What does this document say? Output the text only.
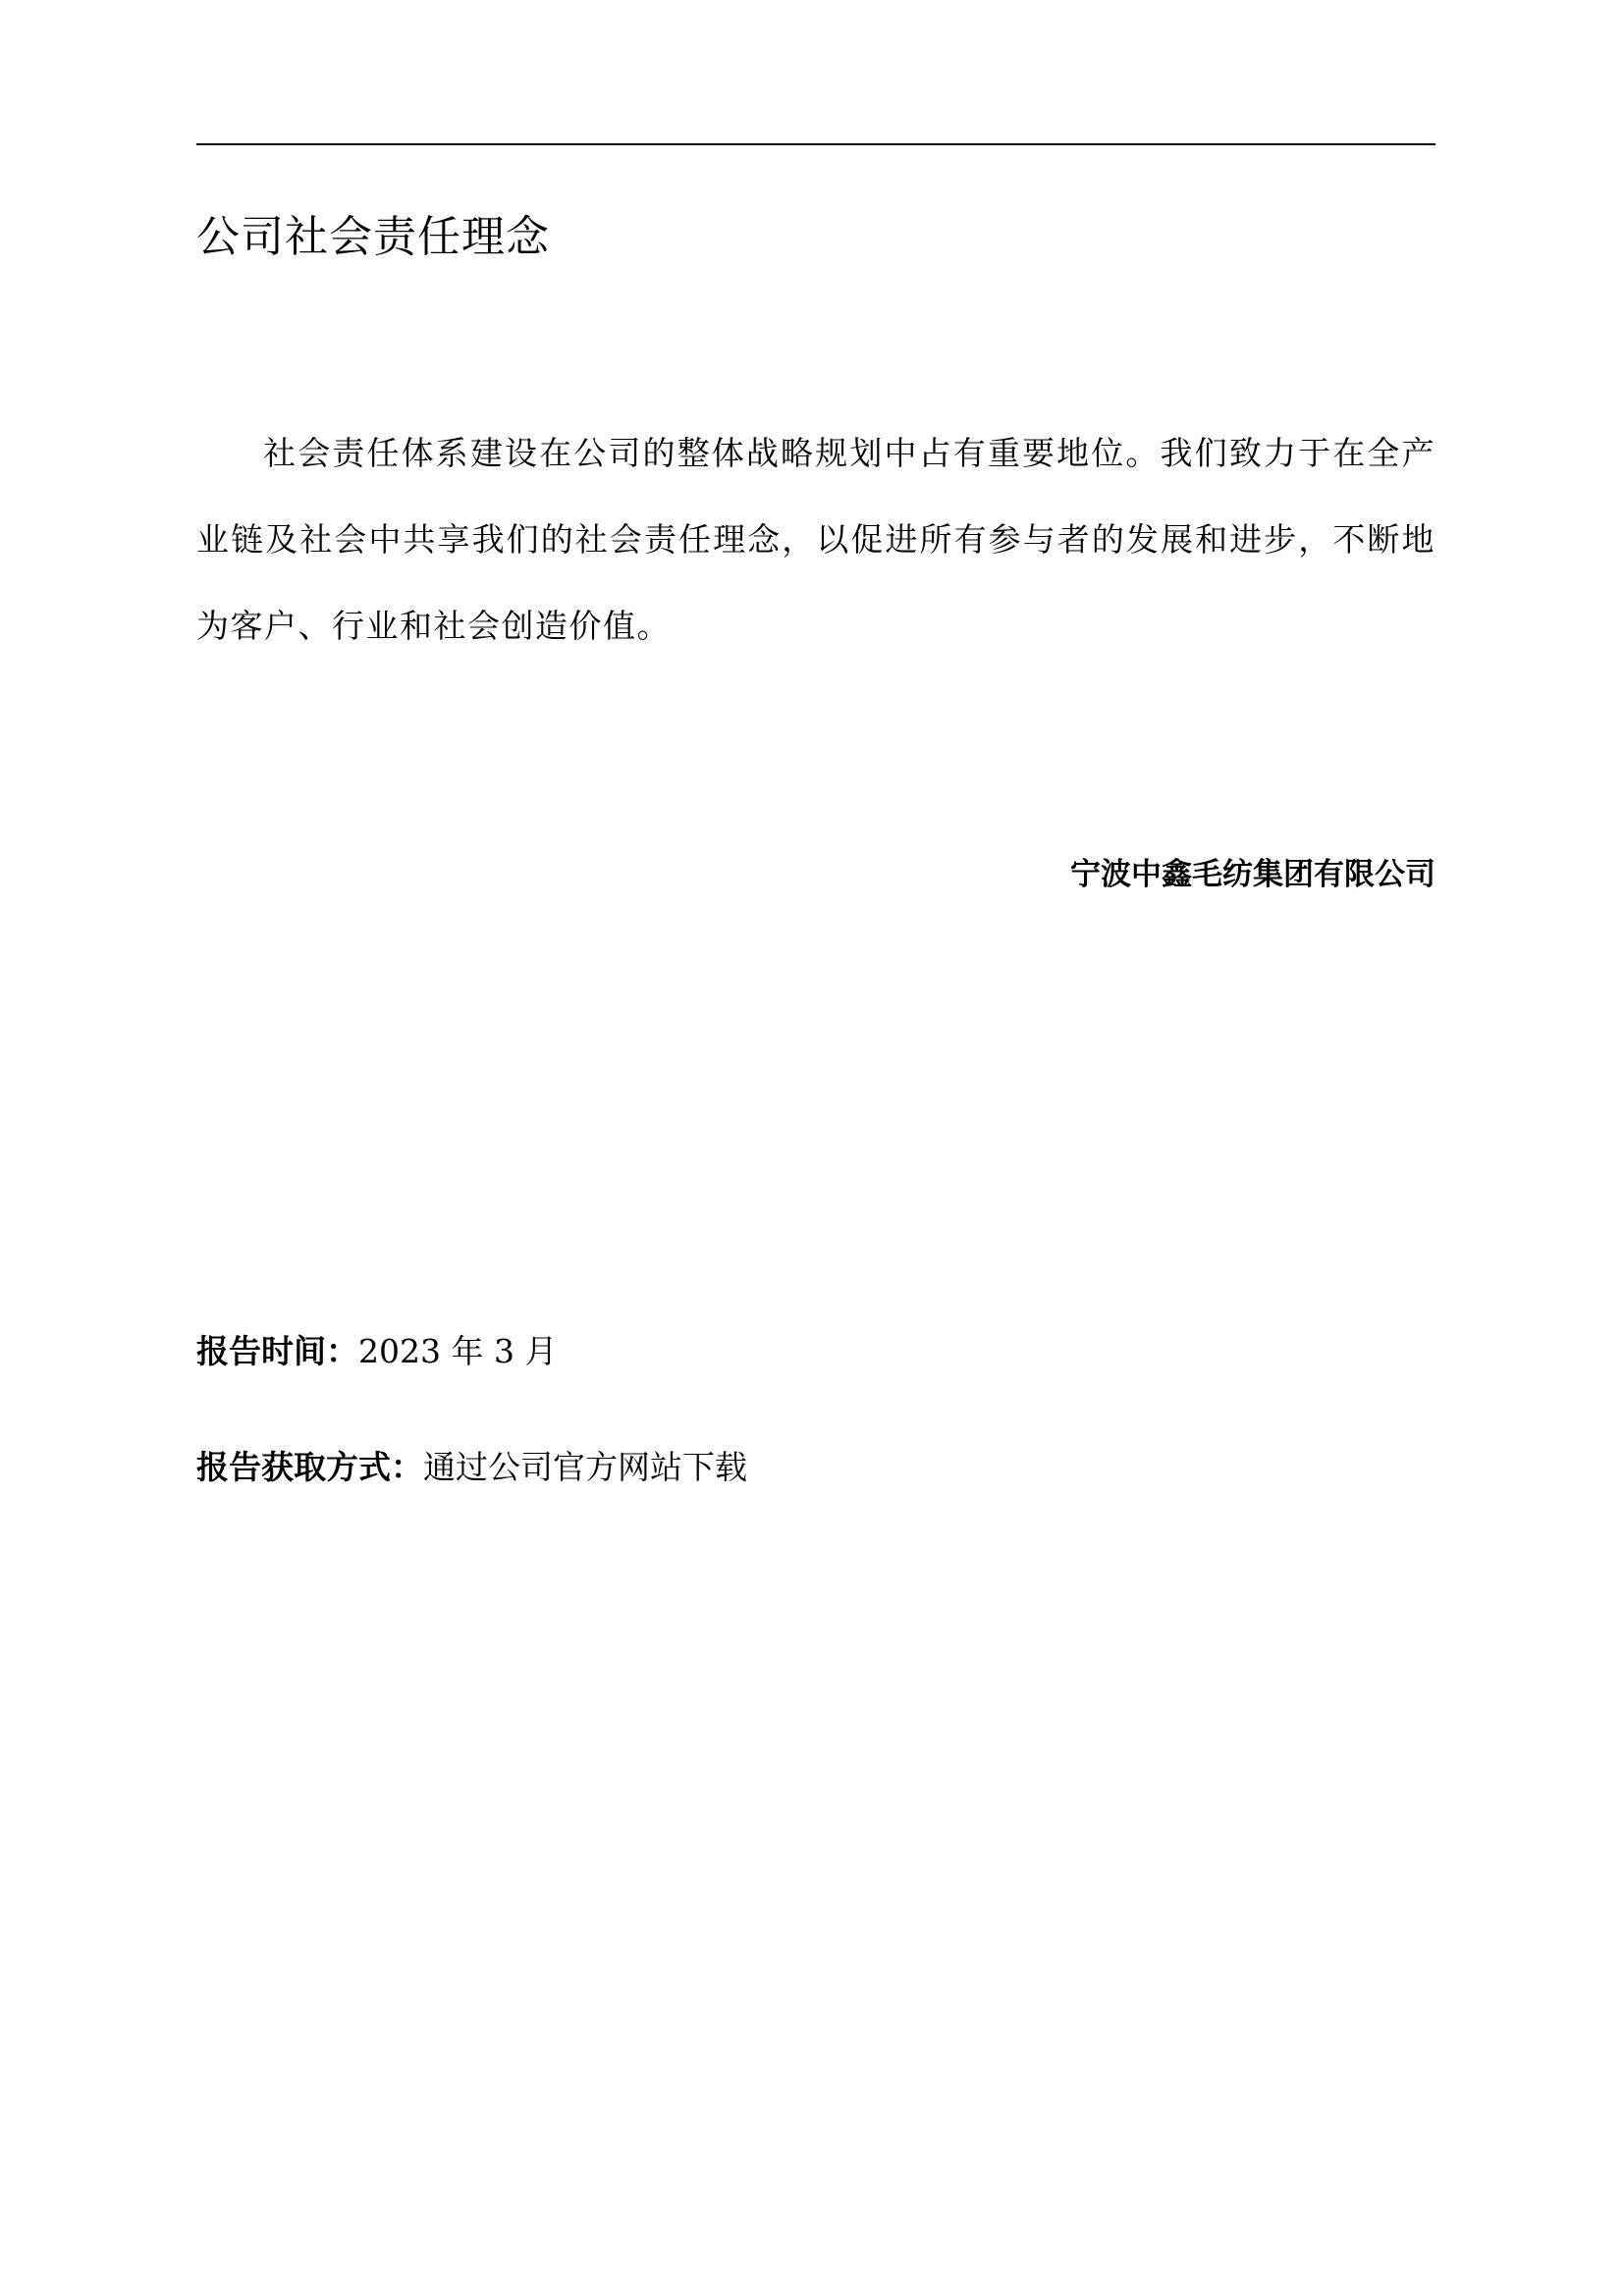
公司社会责任理念

社会责任体系建设在公司的整体战略规划中占有重要地位。我们致力于在全产业链及社会中共享我们的社会责任理念，以促进所有参与者的发展和进步，不断地为客户、行业和社会创造价值。

宁波中鑫毛纺集团有限公司

报告时间：2023 年 3 月

报告获取方式：通过公司官方网站下载
